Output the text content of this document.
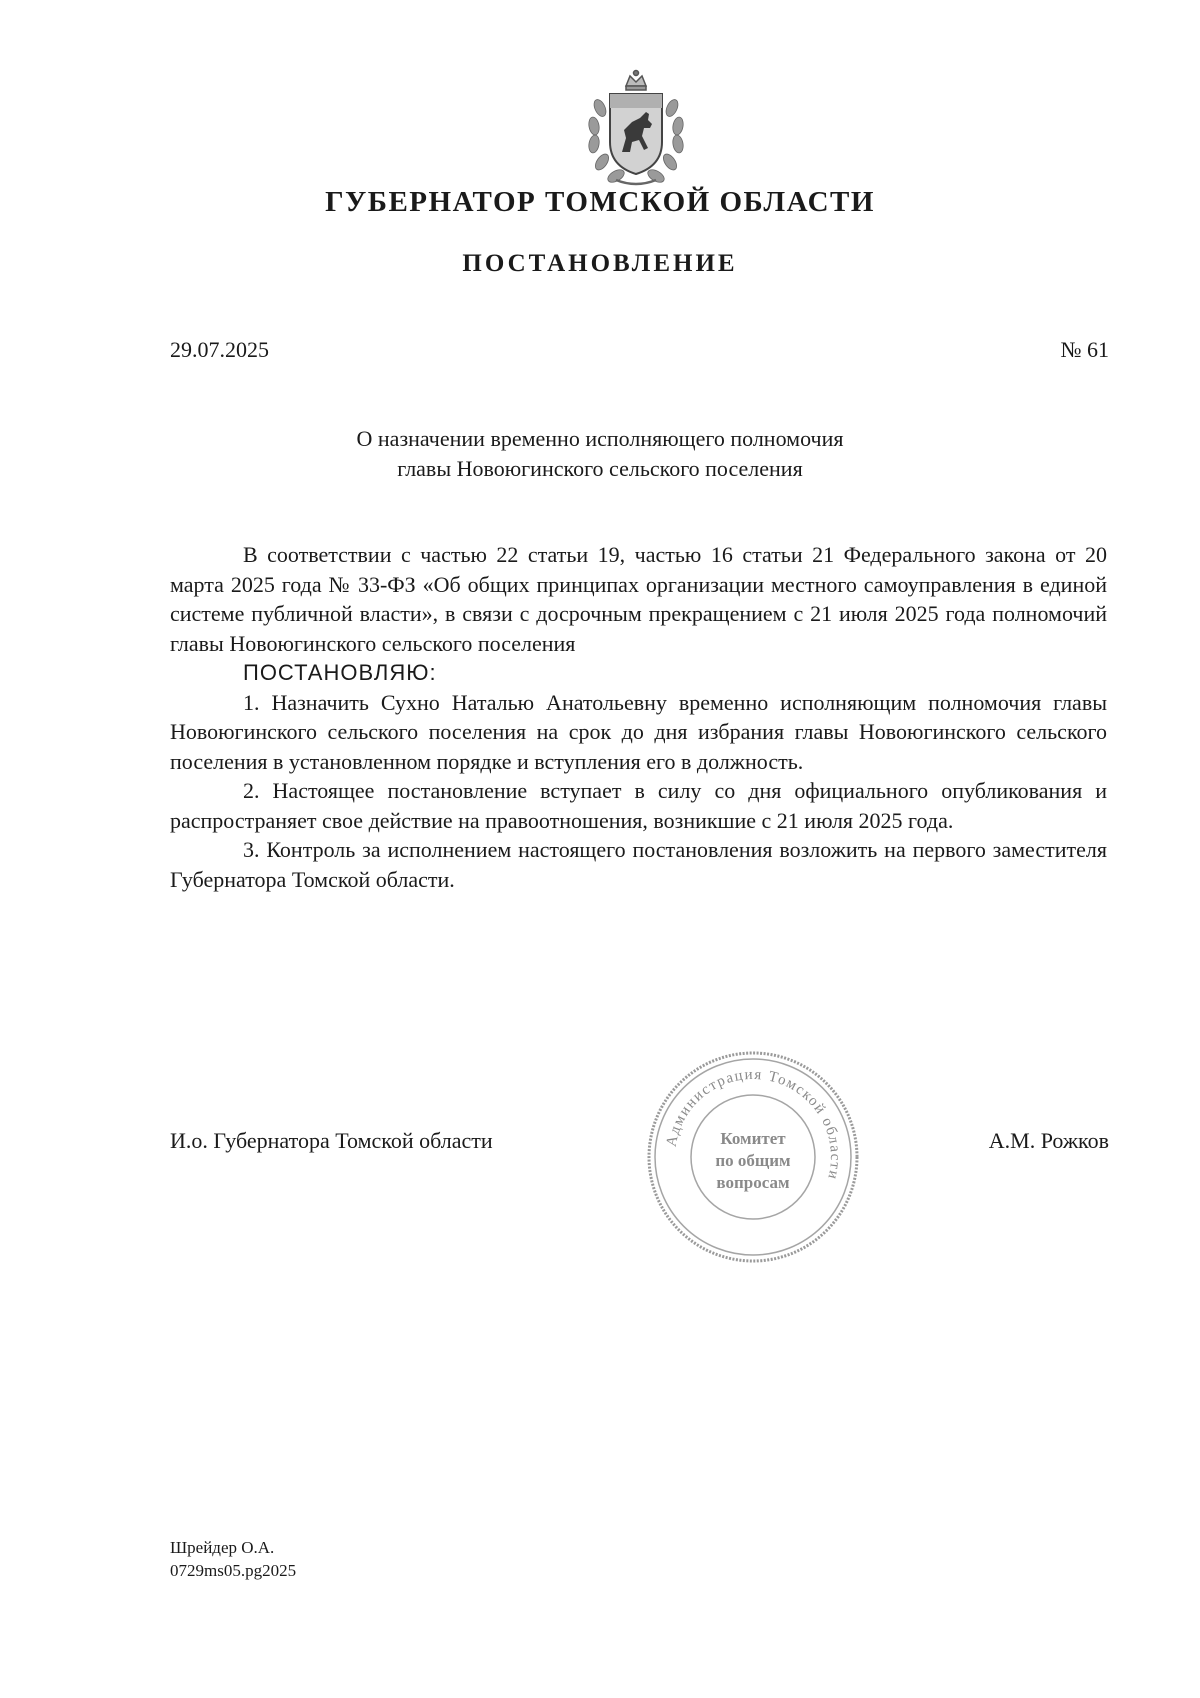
ГУБЕРНАТОР ТОМСКОЙ ОБЛАСТИ
ПОСТАНОВЛЕНИЕ
29.07.2025	№ 61
О назначении временно исполняющего полномочия
главы Новоюгинского сельского поселения

В соответствии с частью 22 статьи 19, частью 16 статьи 21 Федерального закона от 20 марта 2025 года № 33-ФЗ «Об общих принципах организации местного самоуправления в единой системе публичной власти», в связи с досрочным прекращением с 21 июля 2025 года полномочий главы Новоюгинского сельского поселения

ПОСТАНОВЛЯЮ:

1. Назначить Сухно Наталью Анатольевну временно исполняющим полномочия главы Новоюгинского сельского поселения на срок до дня избрания главы Новоюгинского сельского поселения в установленном порядке и вступления его в должность.

2. Настоящее постановление вступает в силу со дня официального опубликования и распространяет свое действие на правоотношения, возникшие с 21 июля 2025 года.

3. Контроль за исполнением настоящего постановления возложить на первого заместителя Губернатора Томской области.

И.о. Губернатора Томской области	Администрация Томской области
Комитет
по общим
вопросам
А.М. Рожков
Шрейдер О.А.
0729ms05.pg2025
